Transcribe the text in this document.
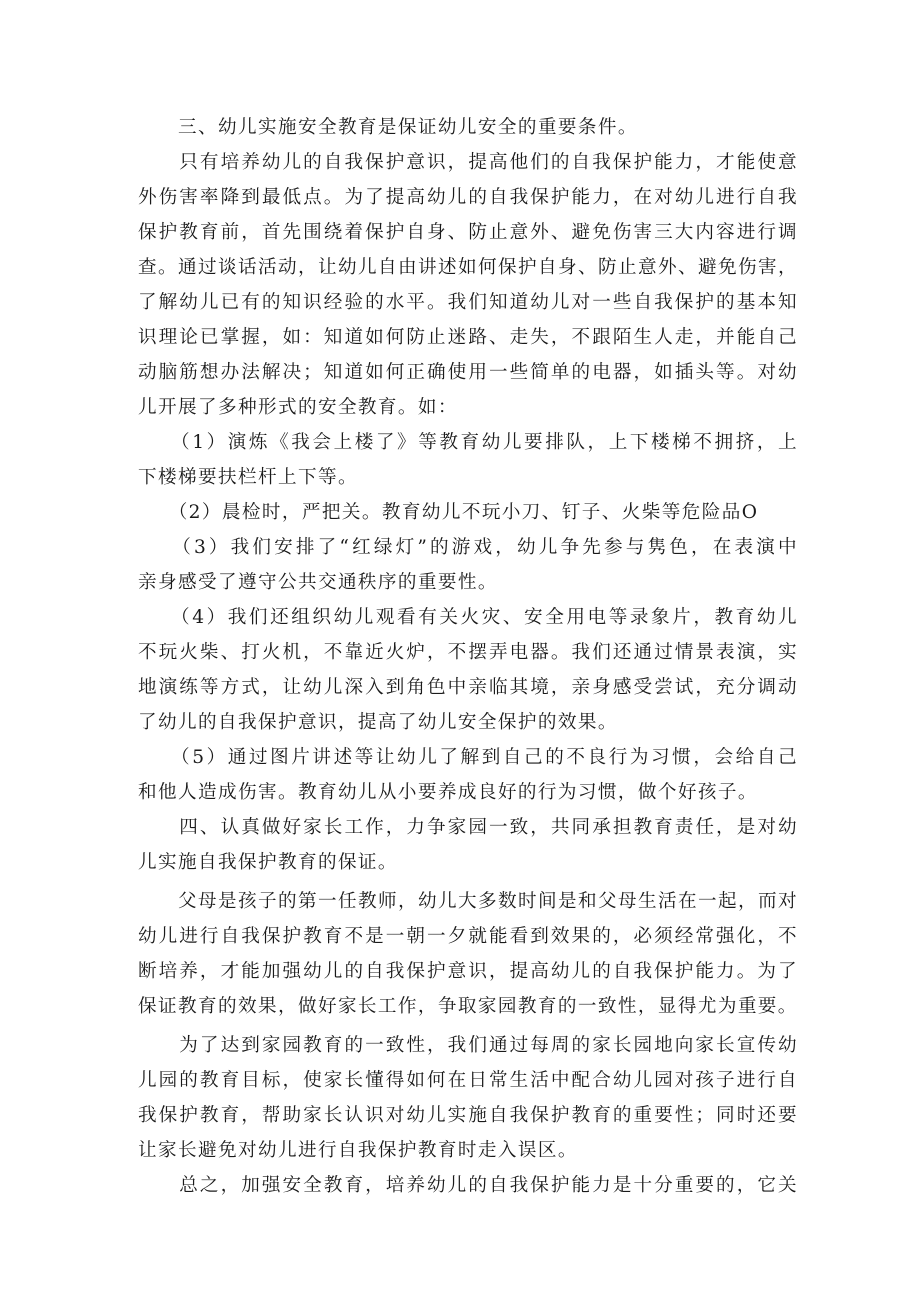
　　三、幼儿实施安全教育是保证幼儿安全的重要条件。
　　只有培养幼儿的自我保护意识，提高他们的自我保护能力，才能使意
外伤害率降到最低点。为了提高幼儿的自我保护能力，在对幼儿进行自我
保护教育前，首先围绕着保护自身、防止意外、避免伤害三大内容进行调
查。通过谈话活动，让幼儿自由讲述如何保护自身、防止意外、避免伤害，
了解幼儿已有的知识经验的水平。我们知道幼儿对一些自我保护的基本知
识理论已掌握，如：知道如何防止迷路、走失，不跟陌生人走，并能自己
动脑筋想办法解决；知道如何正确使用一些简单的电器，如插头等。对幼
儿开展了多种形式的安全教育。如：
　　（1）演炼《我会上楼了》等教育幼儿要排队，上下楼梯不拥挤，上
下楼梯要扶栏杆上下等。
　　（2）晨检时，严把关。教育幼儿不玩小刀、钉子、火柴等危险品O
　　（3）我们安排了“红绿灯”的游戏，幼儿争先参与隽色，在表演中
亲身感受了遵守公共交通秩序的重要性。
　　（4）我们还组织幼儿观看有关火灾、安全用电等录象片，教育幼儿
不玩火柴、打火机，不靠近火炉，不摆弄电器。我们还通过情景表演，实
地演练等方式，让幼儿深入到角色中亲临其境，亲身感受尝试，充分调动
了幼儿的自我保护意识，提高了幼儿安全保护的效果。
　　（5）通过图片讲述等让幼儿了解到自己的不良行为习惯，会给自己
和他人造成伤害。教育幼儿从小要养成良好的行为习惯，做个好孩子。
　　四、认真做好家长工作，力争家园一致，共同承担教育责任，是对幼
儿实施自我保护教育的保证。
　　父母是孩子的第一任教师，幼儿大多数时间是和父母生活在一起，而对
幼儿进行自我保护教育不是一朝一夕就能看到效果的，必须经常强化，不
断培养，才能加强幼儿的自我保护意识，提高幼儿的自我保护能力。为了
保证教育的效果，做好家长工作，争取家园教育的一致性，显得尤为重要。
　　为了达到家园教育的一致性，我们通过每周的家长园地向家长宣传幼
儿园的教育目标，使家长懂得如何在日常生活中配合幼儿园对孩子进行自
我保护教育，帮助家长认识对幼儿实施自我保护教育的重要性；同时还要
让家长避免对幼儿进行自我保护教育时走入误区。
　　总之，加强安全教育，培养幼儿的自我保护能力是十分重要的，它关
